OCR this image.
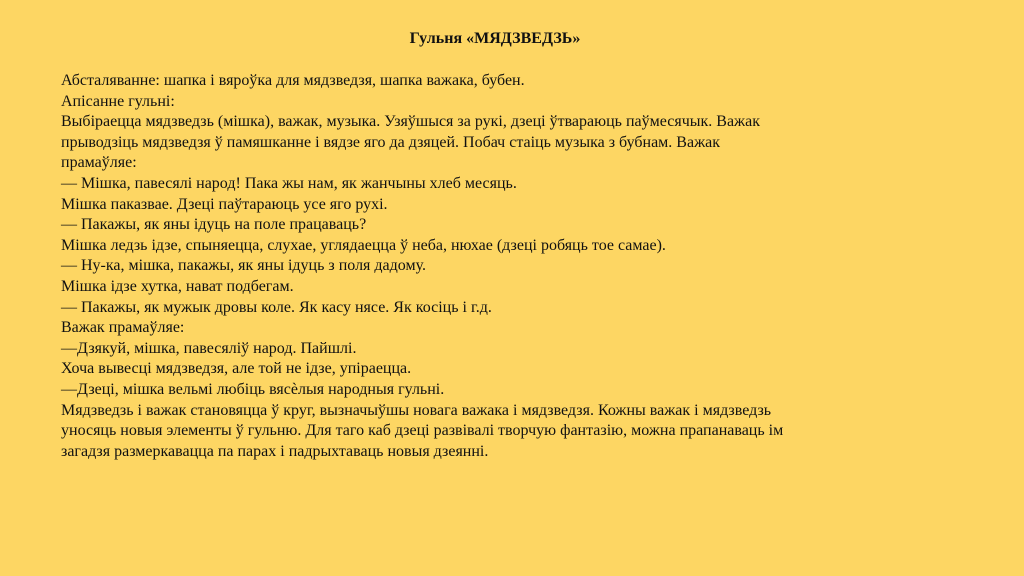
Гульня «МЯДЗВЕДЗЬ»
Абсталяванне: шапка і вяроўка для мядзведзя, шапка важака, бубен.
Апісанне гульні:
Выбіраецца мядзведзь (мішка), важак, музыка. Узяўшыся за рукі, дзеці ўтвараюць паўмесячык. Важак
прыводзіць мядзведзя ў памяшканне і вядзе яго да дзяцей. Побач стаіць музыка з бубнам. Важак
прамаўляе:
— Мішка, павесялі народ! Пака жы нам, як жанчыны хлеб месяць.
Мішка паказвае. Дзеці паўтараюць усе яго рухі.
— Пакажы, як яны ідуць на поле працаваць?
Мішка ледзь ідзе, спыняецца, слухае, углядаецца ў неба, нюхае (дзеці робяць тое самае).
— Ну-ка, мішка, пакажы, як яны ідуць з поля дадому.
Мішка ідзе хутка, нават подбегам.
— Пакажы, як мужык дровы коле. Як касу нясе. Як косіць і г.д.
Важак прамаўляе:
—Дзякуй, мішка, павесяліў народ. Пайшлі.
Хоча вывесці мядзведзя, але той не ідзе, упіраецца.
—Дзеці, мішка вельмі любіць вясѐлыя народныя гульні.
Мядзведзь і важак становяцца ў круг, вызначыўшы новага важака і мядзведзя. Кожны важак і мядзведзь
уносяць новыя элементы ў гульню. Для таго каб дзеці развівалі творчую фантазію, можна прапанаваць ім
загадзя размеркавацца па парах і падрыхтаваць новыя дзеянні.
